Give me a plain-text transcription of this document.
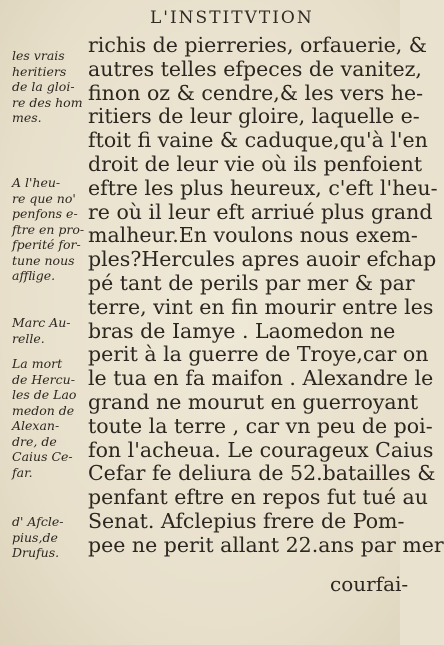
L'INSTITVTION

les vrais
heritiers
de la gloi-
re des hom
mes.

A l'heu-
re que no'
penfons e-
ftre en pro-
fperité for-
tune nous
afflige.

Marc Au-
relle.

La mort
de Hercu-
les de Lao
medon de
Alexan-
dre, de
Caius Ce-
far.

d' Afcle-
pius,de
Drufus.

richis de pierreries, orfauerie, &
autres telles efpeces de vanitez,
finon oz & cendre,& les vers he-
ritiers de leur gloire, laquelle e-
ftoit fi vaine & caduque,qu'à l'en
droit de leur vie où ils penfoient
eftre les plus heureux, c'eft l'heu-
re où il leur eft arriué plus grand
malheur.En voulons nous exem-
ples?Hercules apres auoir efchap
pé tant de perils par mer & par
terre, vint en fin mourir entre les
bras de Iamye . Laomedon ne
perit à la guerre de Troye,car on
le tua en fa maifon . Alexandre le
grand ne mourut en guerroyant
toute la terre , car vn peu de poi-
fon l'acheua. Le courageux Caius
Cefar fe deliura de 52.batailles &
penfant eftre en repos fut tué au
Senat. Afclepius frere de Pom-
pee ne perit allant 22.ans par mer
courfai-
